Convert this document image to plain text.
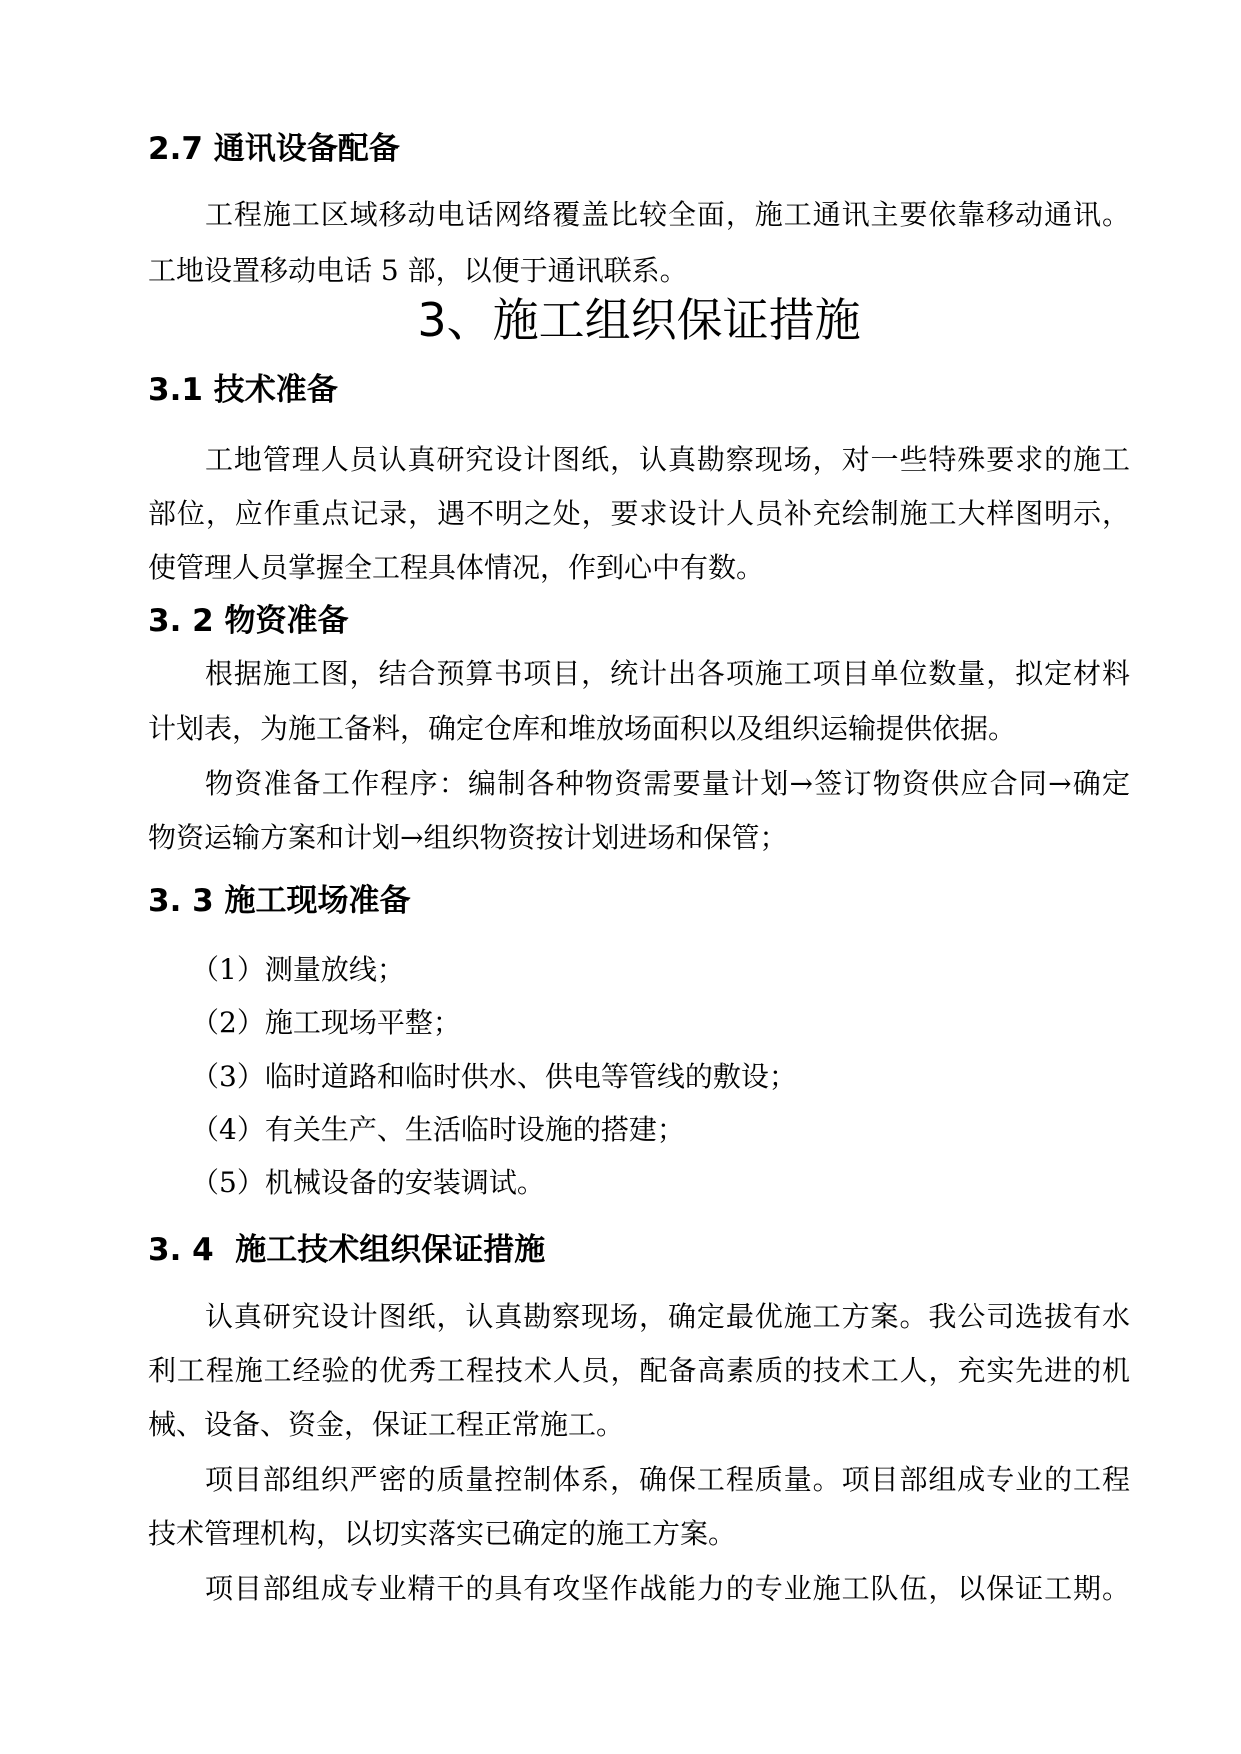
2.7 通讯设备配备
工程施工区域移动电话网络覆盖比较全面，施工通讯主要依靠移动通讯。
工地设置移动电话 5 部，以便于通讯联系。
3、施工组织保证措施
3.1 技术准备
工地管理人员认真研究设计图纸，认真勘察现场，对一些特殊要求的施工
部位，应作重点记录，遇不明之处，要求设计人员补充绘制施工大样图明示，
使管理人员掌握全工程具体情况，作到心中有数。
3. 2 物资准备
根据施工图，结合预算书项目，统计出各项施工项目单位数量，拟定材料
计划表，为施工备料，确定仓库和堆放场面积以及组织运输提供依据。
物资准备工作程序：编制各种物资需要量计划→签订物资供应合同→确定
物资运输方案和计划→组织物资按计划进场和保管；
3. 3 施工现场准备
（1）测量放线；
（2）施工现场平整；
（3）临时道路和临时供水、供电等管线的敷设；
（4）有关生产、生活临时设施的搭建；
（5）机械设备的安装调试。
3. 4  施工技术组织保证措施
认真研究设计图纸，认真勘察现场，确定最优施工方案。我公司选拔有水
利工程施工经验的优秀工程技术人员，配备高素质的技术工人，充实先进的机
械、设备、资金，保证工程正常施工。
项目部组织严密的质量控制体系，确保工程质量。项目部组成专业的工程
技术管理机构，以切实落实已确定的施工方案。
项目部组成专业精干的具有攻坚作战能力的专业施工队伍，以保证工期。
